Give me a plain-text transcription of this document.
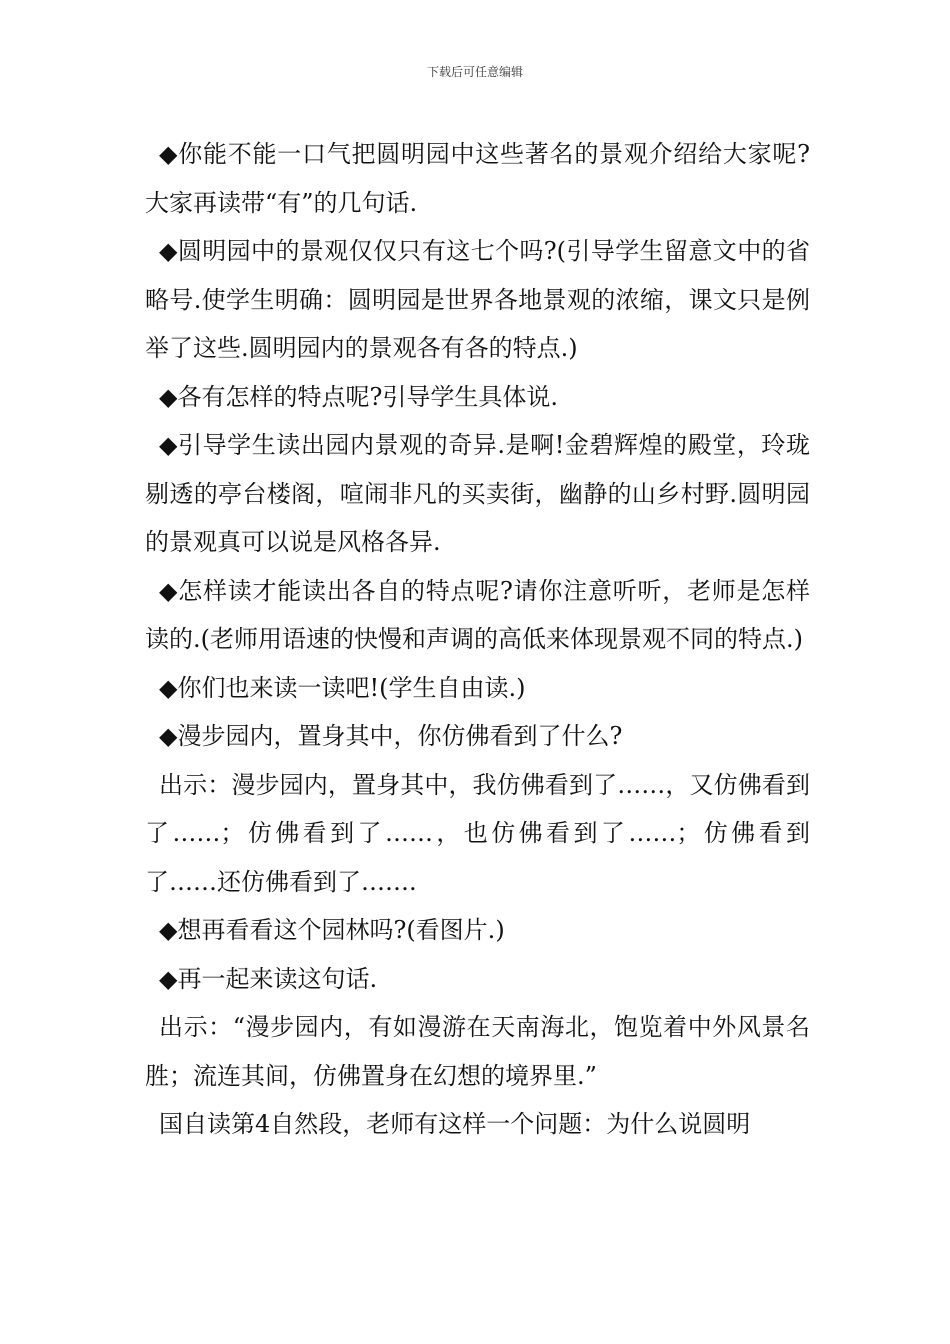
下载后可任意编辑

◆你能不能一口气把圆明园中这些著名的景观介绍给大家呢?大家再读带“有”的几句话.

◆圆明园中的景观仅仅只有这七个吗?(引导学生留意文中的省略号.使学生明确：圆明园是世界各地景观的浓缩，课文只是例举了这些.圆明园内的景观各有各的特点.)

◆各有怎样的特点呢?引导学生具体说.

◆引导学生读出园内景观的奇异.是啊!金碧辉煌的殿堂，玲珑剔透的亭台楼阁，喧闹非凡的买卖街，幽静的山乡村野.圆明园的景观真可以说是风格各异.

◆怎样读才能读出各自的特点呢?请你注意听听，老师是怎样读的.(老师用语速的快慢和声调的高低来体现景观不同的特点.)

◆你们也来读一读吧!(学生自由读.)

◆漫步园内，置身其中，你仿佛看到了什么?

出示：漫步园内，置身其中，我仿佛看到了……，又仿佛看到了……；仿佛看到了……，也仿佛看到了……；仿佛看到了……还仿佛看到了…….

◆想再看看这个园林吗?(看图片.)

◆再一起来读这句话.

出示：“漫步园内，有如漫游在天南海北，饱览着中外风景名胜；流连其间，仿佛置身在幻想的境界里.”

国自读第4自然段，老师有这样一个问题：为什么说圆明
